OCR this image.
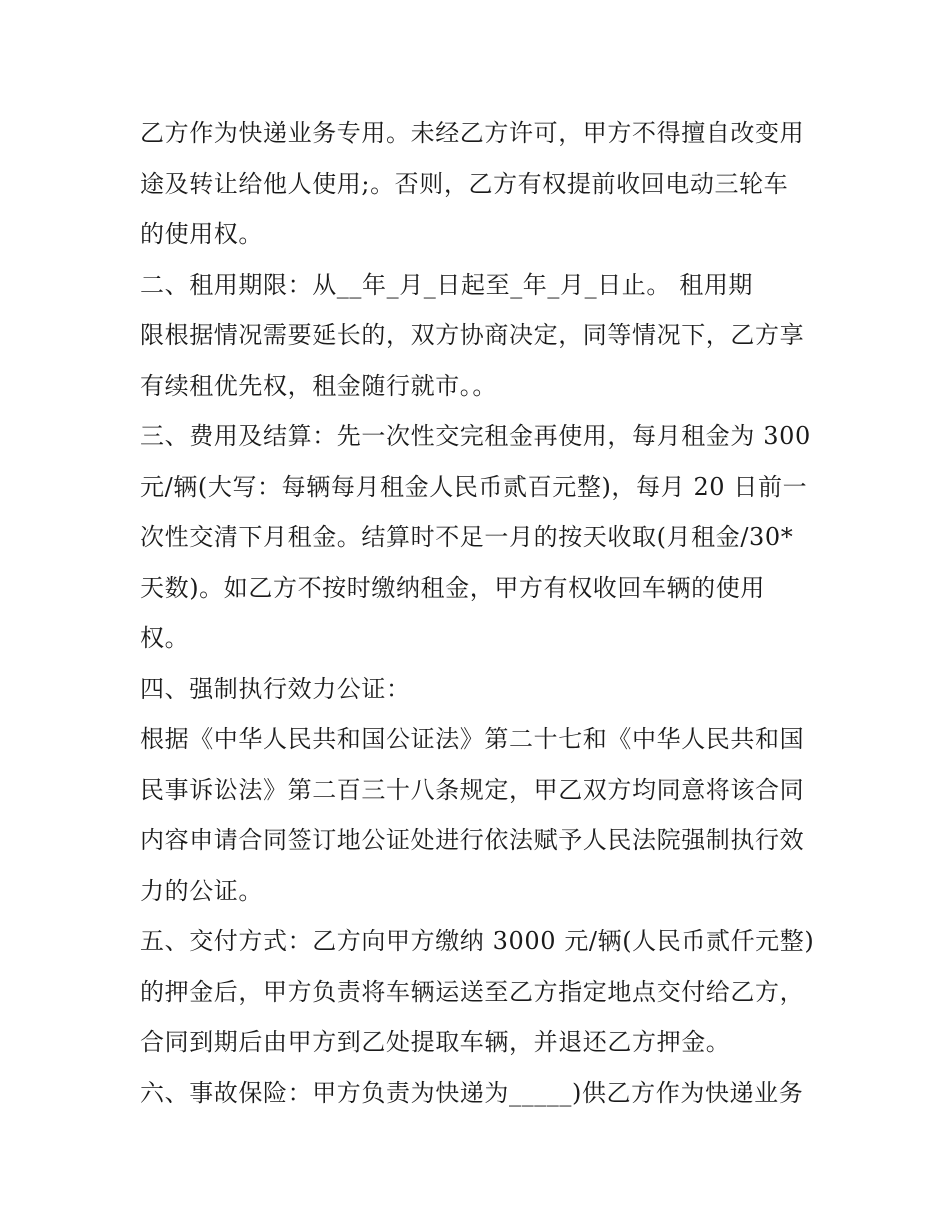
乙方作为快递业务专用。未经乙方许可，甲方不得擅自改变用
途及转让给他人使用;。否则，乙方有权提前收回电动三轮车
的使用权。
二、租用期限：从__年_月_日起至_年_月_日止。 租用期
限根据情况需要延长的，双方协商决定，同等情况下，乙方享
有续租优先权，租金随行就市。。
三、费用及结算：先一次性交完租金再使用，每月租金为 300
元/辆(大写：每辆每月租金人民币贰百元整)，每月 20 日前一
次性交清下月租金。结算时不足一月的按天收取(月租金/30*
天数)。如乙方不按时缴纳租金，甲方有权收回车辆的使用
权。
四、强制执行效力公证：
根据《中华人民共和国公证法》第二十七和《中华人民共和国
民事诉讼法》第二百三十八条规定，甲乙双方均同意将该合同
内容申请合同签订地公证处进行依法赋予人民法院强制执行效
力的公证。
五、交付方式：乙方向甲方缴纳 3000 元/辆(人民币贰仟元整)
的押金后，甲方负责将车辆运送至乙方指定地点交付给乙方，
合同到期后由甲方到乙处提取车辆，并退还乙方押金。
六、事故保险：甲方负责为快递为_____)供乙方作为快递业务
